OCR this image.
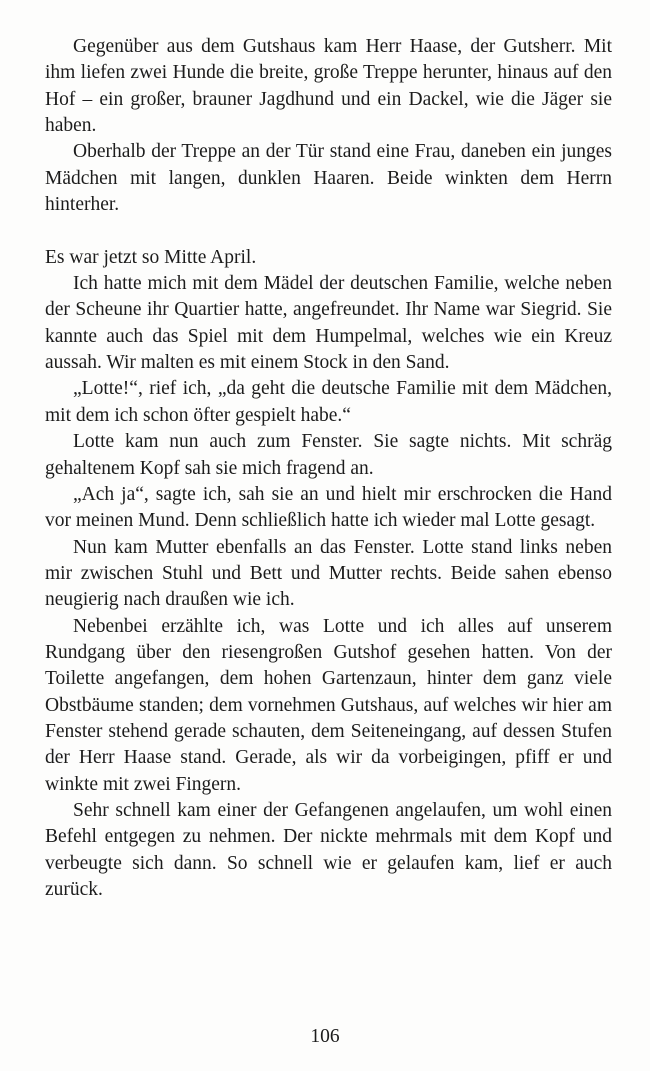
Gegenüber aus dem Gutshaus kam Herr Haase, der Gutsherr. Mit ihm liefen zwei Hunde die breite, große Treppe herunter, hinaus auf den Hof – ein großer, brauner Jagdhund und ein Dackel, wie die Jäger sie haben.

Oberhalb der Treppe an der Tür stand eine Frau, daneben ein junges Mädchen mit langen, dunklen Haaren. Beide winkten dem Herrn hinterher.

Es war jetzt so Mitte April.

Ich hatte mich mit dem Mädel der deutschen Familie, welche neben der Scheune ihr Quartier hatte, angefreundet. Ihr Name war Siegrid. Sie kannte auch das Spiel mit dem Humpelmal, welches wie ein Kreuz aussah. Wir malten es mit einem Stock in den Sand.

„Lotte!“, rief ich, „da geht die deutsche Familie mit dem Mädchen, mit dem ich schon öfter gespielt habe.“

Lotte kam nun auch zum Fenster. Sie sagte nichts. Mit schräg gehaltenem Kopf sah sie mich fragend an.

„Ach ja“, sagte ich, sah sie an und hielt mir erschrocken die Hand vor meinen Mund. Denn schließlich hatte ich wieder mal Lotte gesagt.

Nun kam Mutter ebenfalls an das Fenster. Lotte stand links neben mir zwischen Stuhl und Bett und Mutter rechts. Beide sahen ebenso neugierig nach draußen wie ich.

Nebenbei erzählte ich, was Lotte und ich alles auf unserem Rundgang über den riesengroßen Gutshof gesehen hatten. Von der Toilette angefangen, dem hohen Gartenzaun, hinter dem ganz viele Obstbäume standen; dem vornehmen Gutshaus, auf welches wir hier am Fenster stehend gerade schauten, dem Seiteneingang, auf dessen Stufen der Herr Haase stand. Gerade, als wir da vorbeigingen, pfiff er und winkte mit zwei Fingern.

Sehr schnell kam einer der Gefangenen angelaufen, um wohl einen Befehl entgegen zu nehmen. Der nickte mehrmals mit dem Kopf und verbeugte sich dann. So schnell wie er gelaufen kam, lief er auch zurück.

106
